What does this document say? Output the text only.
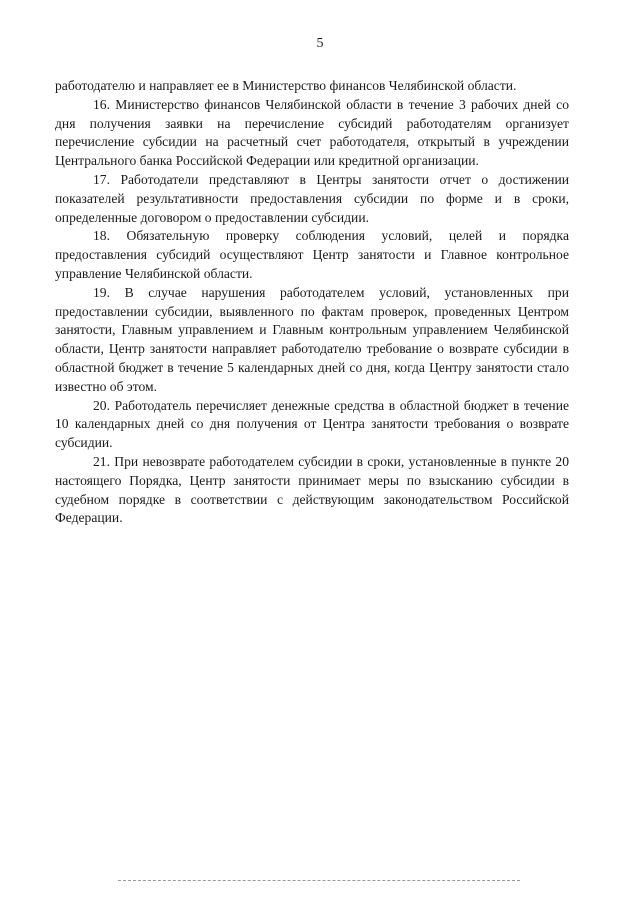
5

работодателю и направляет ее в Министерство финансов Челябинской области.

16. Министерство финансов Челябинской области в течение 3 рабочих дней со дня получения заявки на перечисление субсидий работодателям организует перечисление субсидии на расчетный счет работодателя, открытый в учреждении Центрального банка Российской Федерации или кредитной организации.

17. Работодатели представляют в Центры занятости отчет о достижении показателей результативности предоставления субсидии по форме и в сроки, определенные договором о предоставлении субсидии.

18. Обязательную проверку соблюдения условий, целей и порядка предоставления субсидий осуществляют Центр занятости и Главное контрольное управление Челябинской области.

19. В случае нарушения работодателем условий, установленных при предоставлении субсидии, выявленного по фактам проверок, проведенных Центром занятости, Главным управлением и Главным контрольным управлением Челябинской области, Центр занятости направляет работодателю требование о возврате субсидии в областной бюджет в течение 5 календарных дней со дня, когда Центру занятости стало известно об этом.

20. Работодатель перечисляет денежные средства в областной бюджет в течение 10 календарных дней со дня получения от Центра занятости требования о возврате субсидии.

21. При невозврате работодателем субсидии в сроки, установленные в пункте 20 настоящего Порядка, Центр занятости принимает меры по взысканию субсидии в судебном порядке в соответствии с действующим законодательством Российской Федерации.
